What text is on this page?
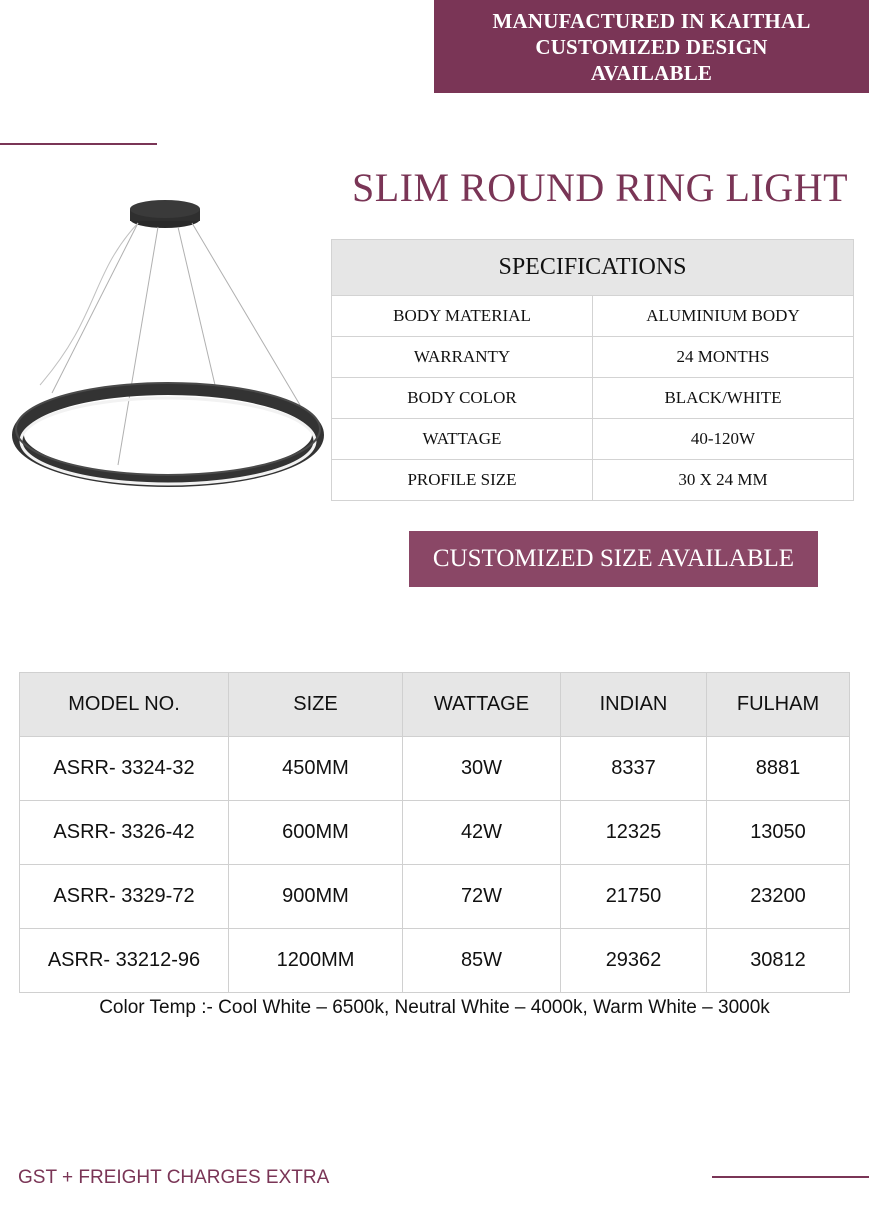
MANUFACTURED IN KAITHAL
CUSTOMIZED DESIGN
AVAILABLE
SLIM ROUND RING LIGHT
SPECIFICATIONS	
BODY MATERIAL	ALUMINIUM BODY
WARRANTY	24 MONTHS
BODY COLOR	BLACK/WHITE
WATTAGE	40-120W
PROFILE SIZE	30 X 24 MM
CUSTOMIZED SIZE AVAILABLE
MODEL NO.	SIZE	WATTAGE	INDIAN	FULHAM
ASRR- 3324-32	450MM	30W	8337	8881
ASRR- 3326-42	600MM	42W	12325	13050
ASRR- 3329-72	900MM	72W	21750	23200
ASRR- 33212-96	1200MM	85W	29362	30812
Color Temp :- Cool White – 6500k, Neutral White – 4000k, Warm White – 3000k
GST + FREIGHT CHARGES EXTRA
